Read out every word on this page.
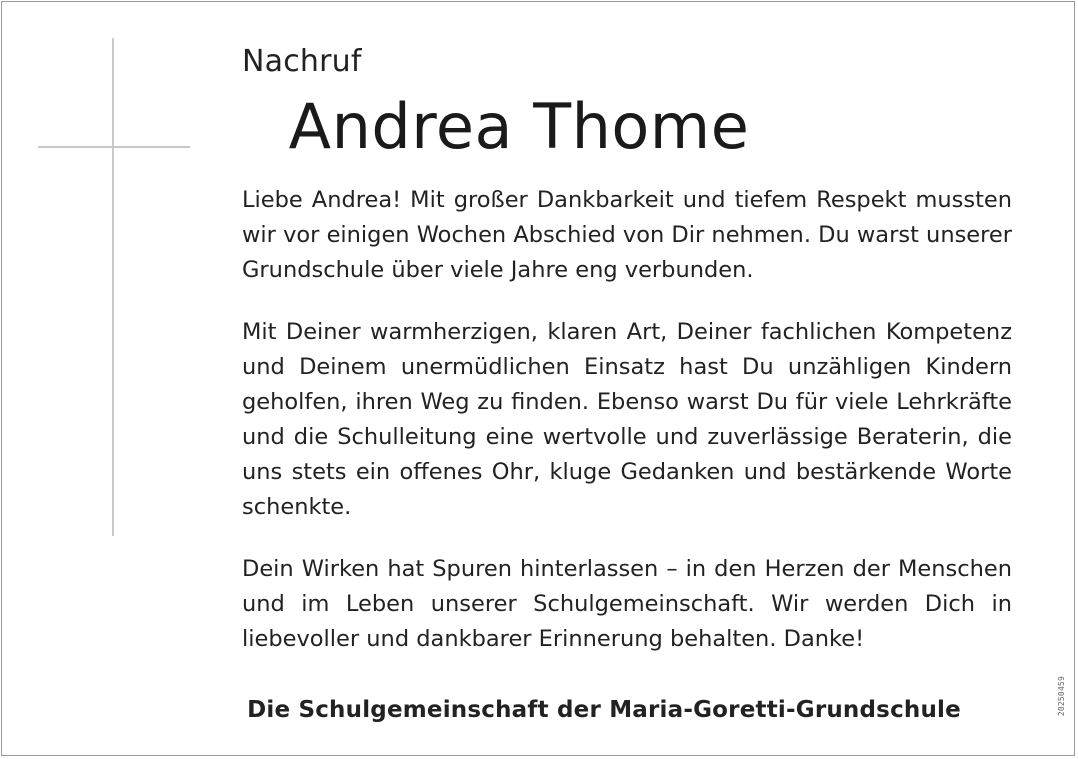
Nachruf
Andrea Thome

Liebe Andrea! Mit großer Dankbarkeit und tiefem Respekt mussten wir vor einigen Wochen Abschied von Dir nehmen. Du warst unserer Grundschule über viele Jahre eng verbunden.

Mit Deiner warmherzigen, klaren Art, Deiner fachlichen Kompetenz und Deinem unermüdlichen Einsatz hast Du unzähligen Kindern geholfen, ihren Weg zu finden. Ebenso warst Du für viele Lehrkräfte und die Schulleitung eine wertvolle und zuverlässige Beraterin, die uns stets ein offenes Ohr, kluge Gedanken und bestärkende Worte schenkte.

Dein Wirken hat Spuren hinterlassen – in den Herzen der Menschen und im Leben unserer Schulgemeinschaft. Wir werden Dich in liebevoller und dankbarer Erinnerung behalten. Danke!

Die Schulgemeinschaft der Maria-Goretti-Grundschule	20250459
